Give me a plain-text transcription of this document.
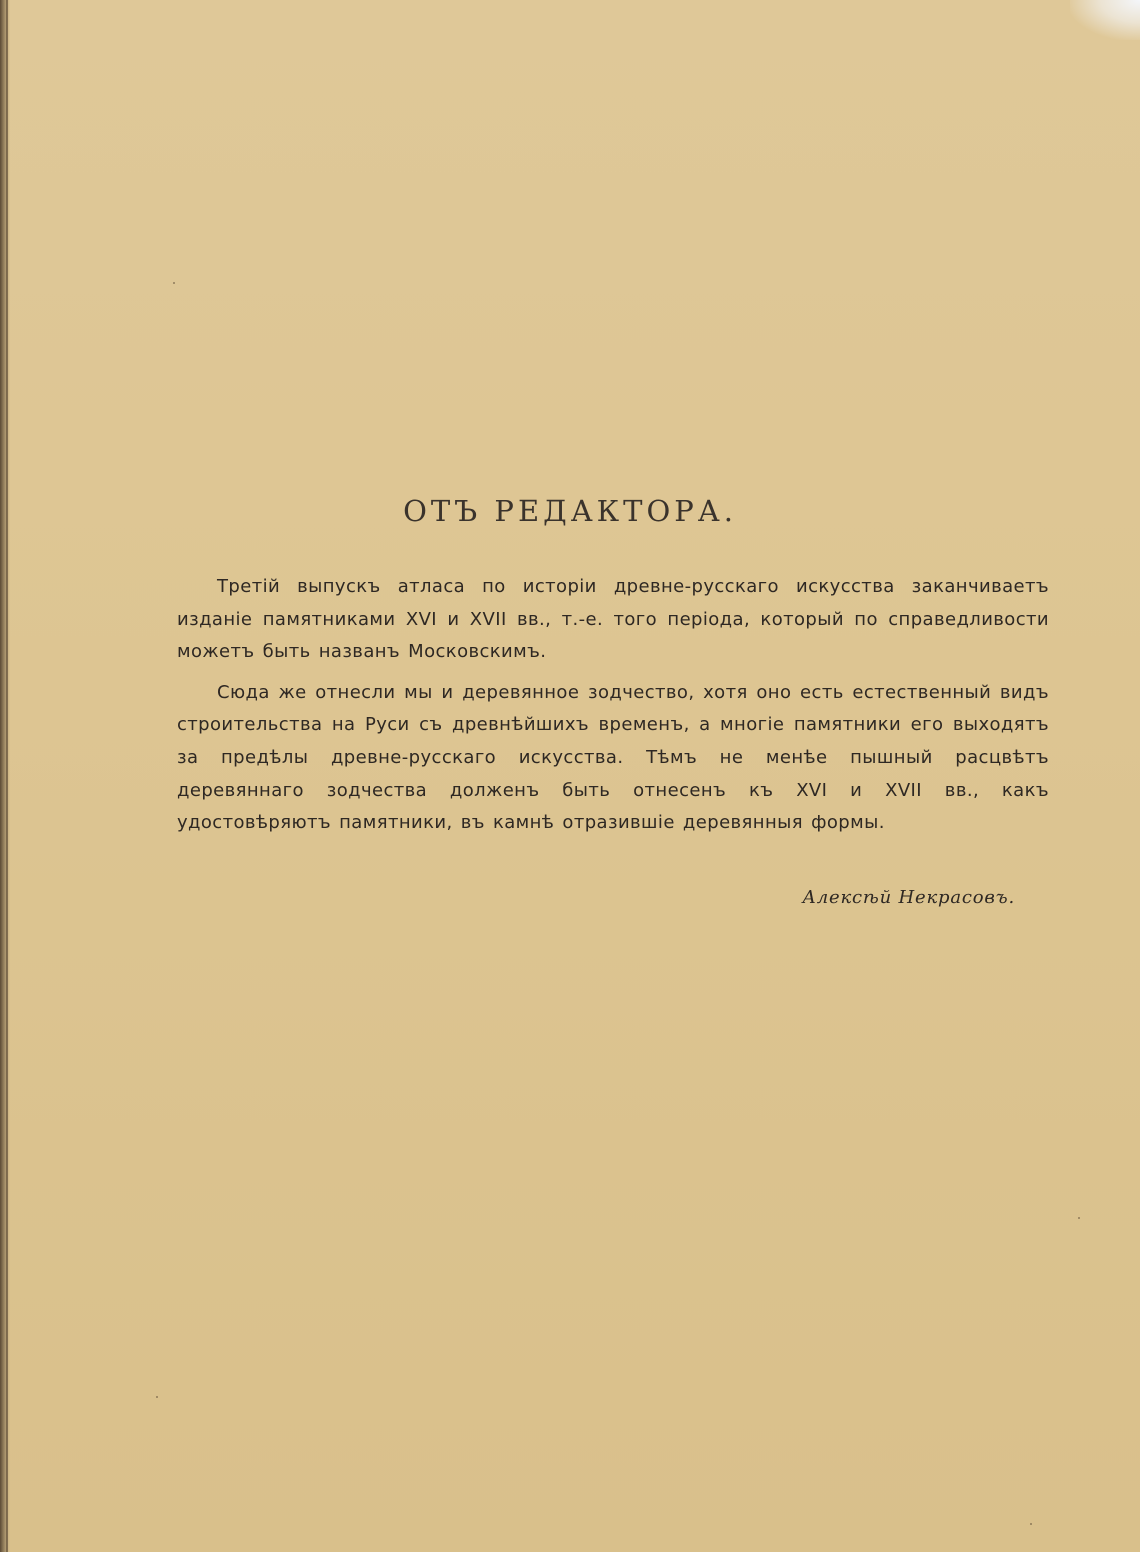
ОТЪ РЕДАКТОРА.

Третій выпускъ атласа по исторіи древне-русскаго искусства заканчиваетъ изданіе памятниками XVI и XVII вв., т.-е. того періода, который по справедливости можетъ быть названъ Московскимъ.

Сюда же отнесли мы и деревянное зодчество, хотя оно есть естественный видъ строительства на Руси съ древнѣйшихъ временъ, а многіе памятники его выходятъ за предѣлы древне-русскаго искусства. Тѣмъ не менѣе пышный расцвѣтъ деревяннаго зодчества долженъ быть отнесенъ къ XVI и XVII вв., какъ удостовѣряютъ памятники, въ камнѣ отразившіе деревянныя формы.

Алексѣй Некрасовъ.
